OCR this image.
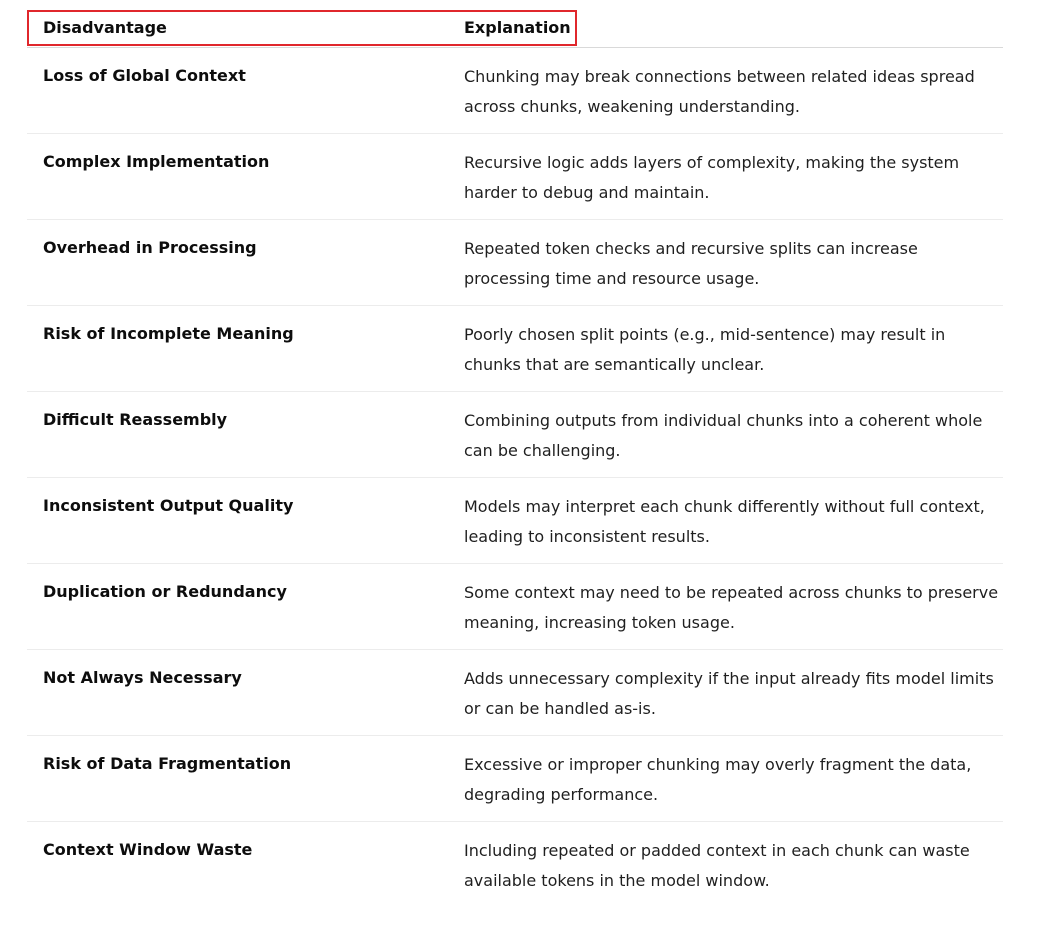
Disadvantage	Explanation
Loss of Global Context	Chunking may break connections between related ideas spread across chunks, weakening understanding.
Complex Implementation	Recursive logic adds layers of complexity, making the system harder to debug and maintain.
Overhead in Processing	Repeated token checks and recursive splits can increase processing time and resource usage.
Risk of Incomplete Meaning	Poorly chosen split points (e.g., mid-sentence) may result in chunks that are semantically unclear.
Difficult Reassembly	Combining outputs from individual chunks into a coherent whole can be challenging.
Inconsistent Output Quality	Models may interpret each chunk differently without full context, leading to inconsistent results.
Duplication or Redundancy	Some context may need to be repeated across chunks to preserve meaning, increasing token usage.
Not Always Necessary	Adds unnecessary complexity if the input already fits model limits or can be handled as-is.
Risk of Data Fragmentation	Excessive or improper chunking may overly fragment the data, degrading performance.
Context Window Waste	Including repeated or padded context in each chunk can waste available tokens in the model window.
